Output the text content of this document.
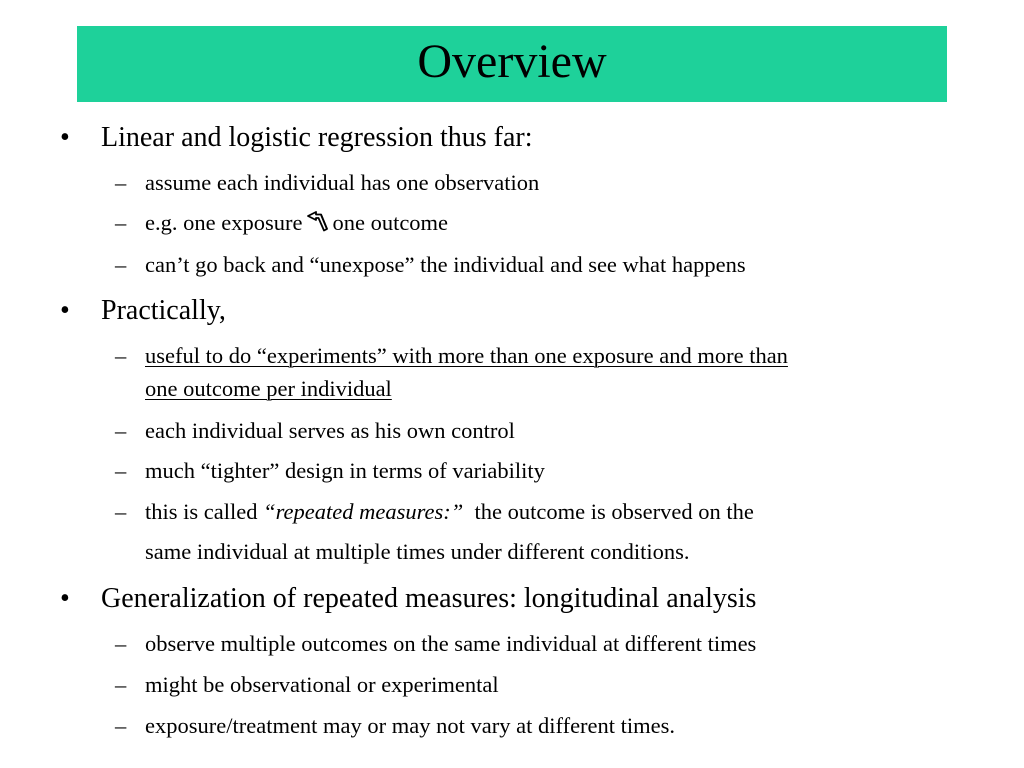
Overview
• Linear and logistic regression thus far:
– assume each individual has one observation
– e.g. one exposure one outcome
– can’t go back and “unexpose” the individual and see what happens
• Practically,
– useful to do “experiments” with more than one exposure and more than
one outcome per individual
– each individual serves as his own control
– much “tighter” design in terms of variability
– this is called “repeated measures:”  the outcome is observed on the
same individual at multiple times under different conditions.
• Generalization of repeated measures: longitudinal analysis
– observe multiple outcomes on the same individual at different times
– might be observational or experimental
– exposure/treatment may or may not vary at different times.
